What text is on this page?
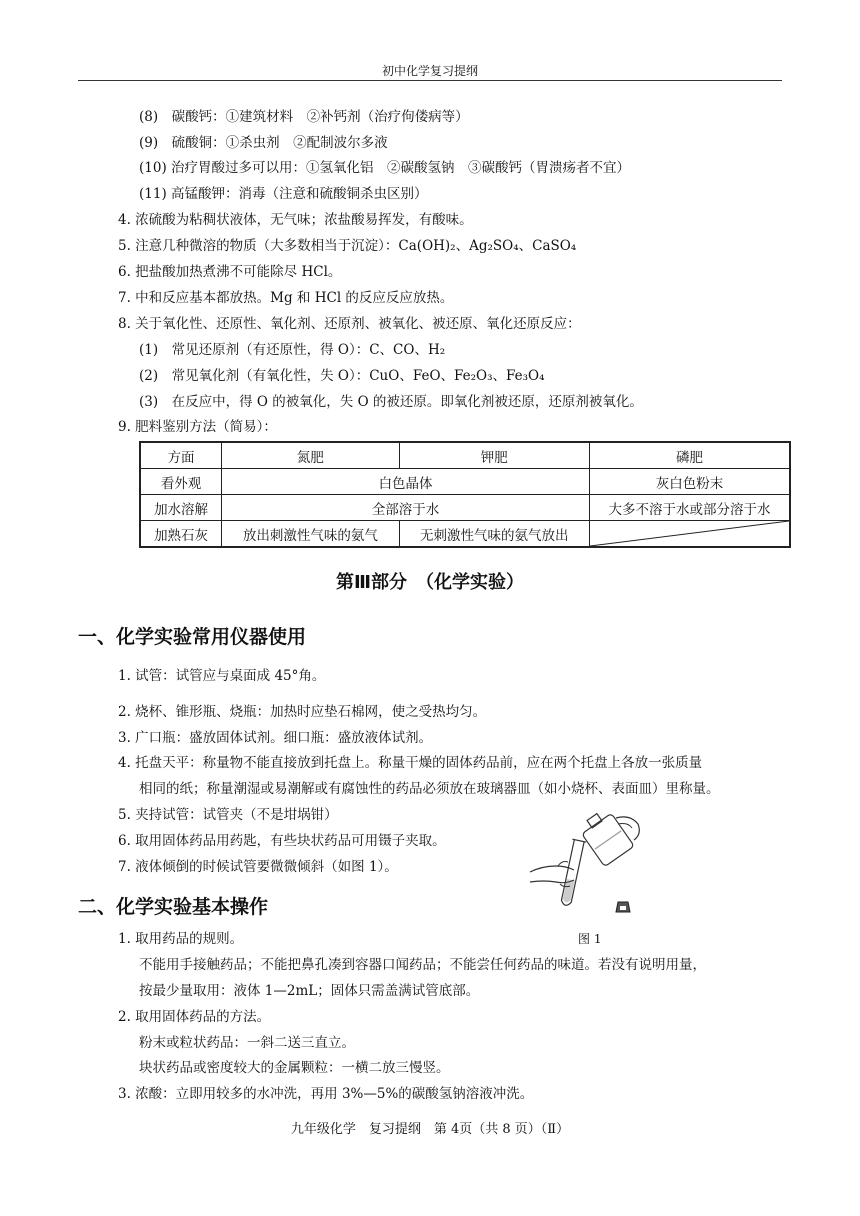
初中化学复习提纲
(8)　碳酸钙：①建筑材料　②补钙剂（治疗佝偻病等）
(9)　硫酸铜：①杀虫剂　②配制波尔多液
(10) 治疗胃酸过多可以用：①氢氧化铝　②碳酸氢钠　③碳酸钙（胃溃疡者不宜）
(11) 高锰酸钾：消毒（注意和硫酸铜杀虫区别）
4. 浓硫酸为粘稠状液体，无气味；浓盐酸易挥发，有酸味。
5. 注意几种微溶的物质（大多数相当于沉淀）：Ca(OH)₂、Ag₂SO₄、CaSO₄
6. 把盐酸加热煮沸不可能除尽 HCl。
7. 中和反应基本都放热。Mg 和 HCl 的反应反应放热。
8. 关于氧化性、还原性、氧化剂、还原剂、被氧化、被还原、氧化还原反应：
(1)　常见还原剂（有还原性，得 O）：C、CO、H₂
(2)　常见氧化剂（有氧化性，失 O）：CuO、FeO、Fe₂O₃、Fe₃O₄
(3)　在反应中，得 O 的被氧化，失 O 的被还原。即氧化剂被还原，还原剂被氧化。
9. 肥料鉴别方法（简易）：
方面	氮肥	钾肥	磷肥
看外观	白色晶体		灰白色粉末
加水溶解	全部溶于水		大多不溶于水或部分溶于水
加熟石灰	放出刺激性气味的氨气	无刺激性气味的氨气放出	
第Ⅲ部分　（化学实验）
一、化学实验常用仪器使用
1. 试管：试管应与桌面成 45°角。
2. 烧杯、锥形瓶、烧瓶：加热时应垫石棉网，使之受热均匀。
3. 广口瓶：盛放固体试剂。细口瓶：盛放液体试剂。
4. 托盘天平：称量物不能直接放到托盘上。称量干燥的固体药品前，应在两个托盘上各放一张质量
相同的纸；称量潮湿或易潮解或有腐蚀性的药品必须放在玻璃器皿（如小烧杯、表面皿）里称量。
5. 夹持试管：试管夹（不是坩埚钳）
6. 取用固体药品用药匙，有些块状药品可用镊子夹取。
7. 液体倾倒的时候试管要微微倾斜（如图 1）。
图 1
二、化学实验基本操作
1. 取用药品的规则。
不能用手接触药品；不能把鼻孔凑到容器口闻药品；不能尝任何药品的味道。若没有说明用量，
按最少量取用：液体 1—2mL；固体只需盖满试管底部。
2. 取用固体药品的方法。
粉末或粒状药品：一斜二送三直立。
块状药品或密度较大的金属颗粒：一横二放三慢竖。
3. 浓酸：立即用较多的水冲洗，再用 3%—5%的碳酸氢钠溶液冲洗。
九年级化学　复习提纲　第 4页（共 8 页）（Ⅱ）
